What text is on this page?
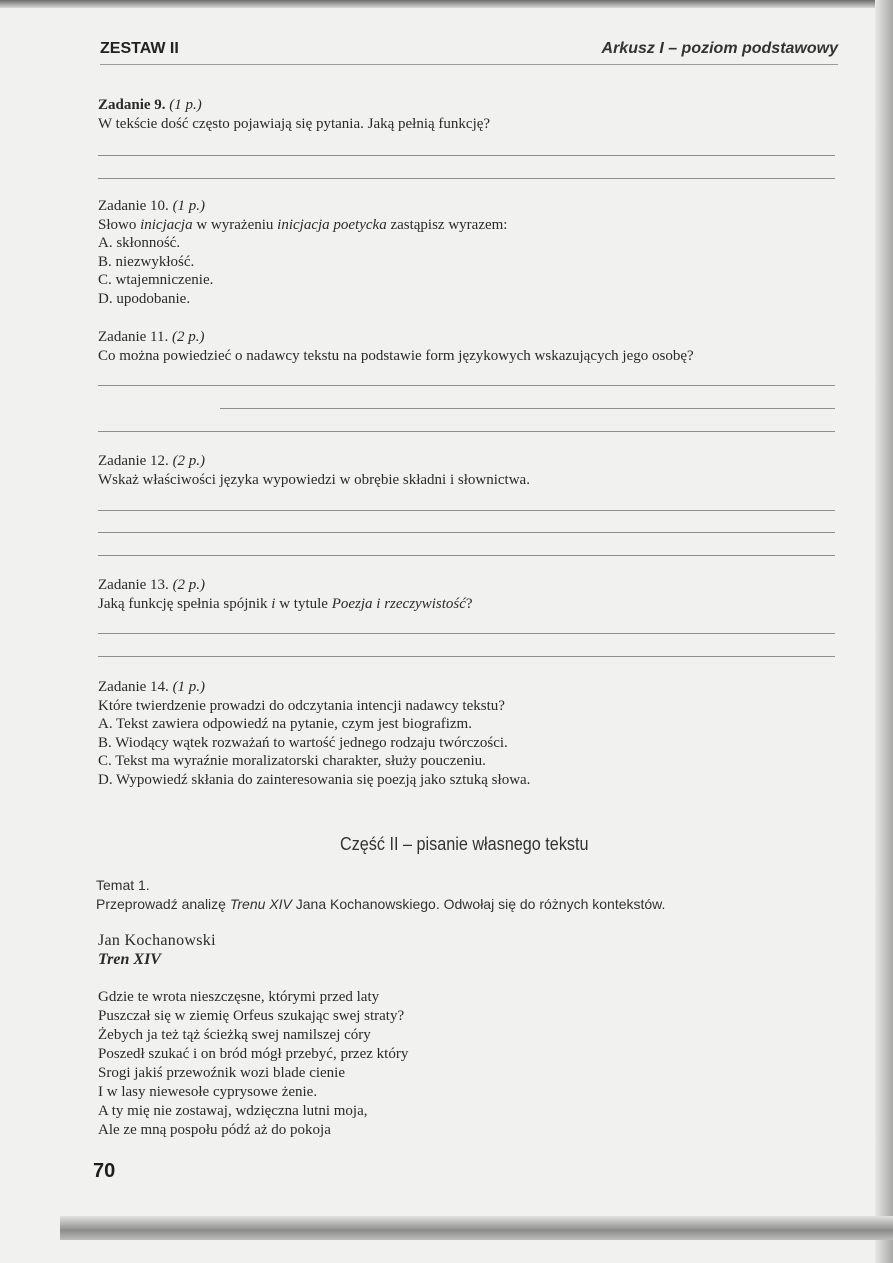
ZESTAW II	Arkusz I – poziom podstawowy
Zadanie 9. (1 p.)
W tekście dość często pojawiają się pytania. Jaką pełnią funkcję?
Zadanie 10. (1 p.)
Słowo inicjacja w wyrażeniu inicjacja poetycka zastąpisz wyrazem:
A. skłonność.
B. niezwykłość.
C. wtajemniczenie.
D. upodobanie.
Zadanie 11. (2 p.)
Co można powiedzieć o nadawcy tekstu na podstawie form językowych wskazujących jego osobę?
Zadanie 12. (2 p.)
Wskaż właściwości języka wypowiedzi w obrębie składni i słownictwa.
Zadanie 13. (2 p.)
Jaką funkcję spełnia spójnik i w tytule Poezja i rzeczywistość?
Zadanie 14. (1 p.)
Które twierdzenie prowadzi do odczytania intencji nadawcy tekstu?
A. Tekst zawiera odpowiedź na pytanie, czym jest biografizm.
B. Wiodący wątek rozważań to wartość jednego rodzaju twórczości.
C. Tekst ma wyraźnie moralizatorski charakter, służy pouczeniu.
D. Wypowiedź skłania do zainteresowania się poezją jako sztuką słowa.
Część II – pisanie własnego tekstu
Temat 1.
Przeprowadź analizę Trenu XIV Jana Kochanowskiego. Odwołaj się do różnych kontekstów.
Jan Kochanowski
Tren XIV
Gdzie te wrota nieszczęsne, którymi przed laty
Puszczał się w ziemię Orfeus szukając swej straty?
Żebych ja też tąż ścieżką swej namilszej córy
Poszedł szukać i on bród mógł przebyć, przez który
Srogi jakiś przewoźnik wozi blade cienie
I w lasy niewesołe cyprysowe żenie.
A ty mię nie zostawaj, wdzięczna lutni moja,
Ale ze mną pospołu pódź aż do pokoja
70
